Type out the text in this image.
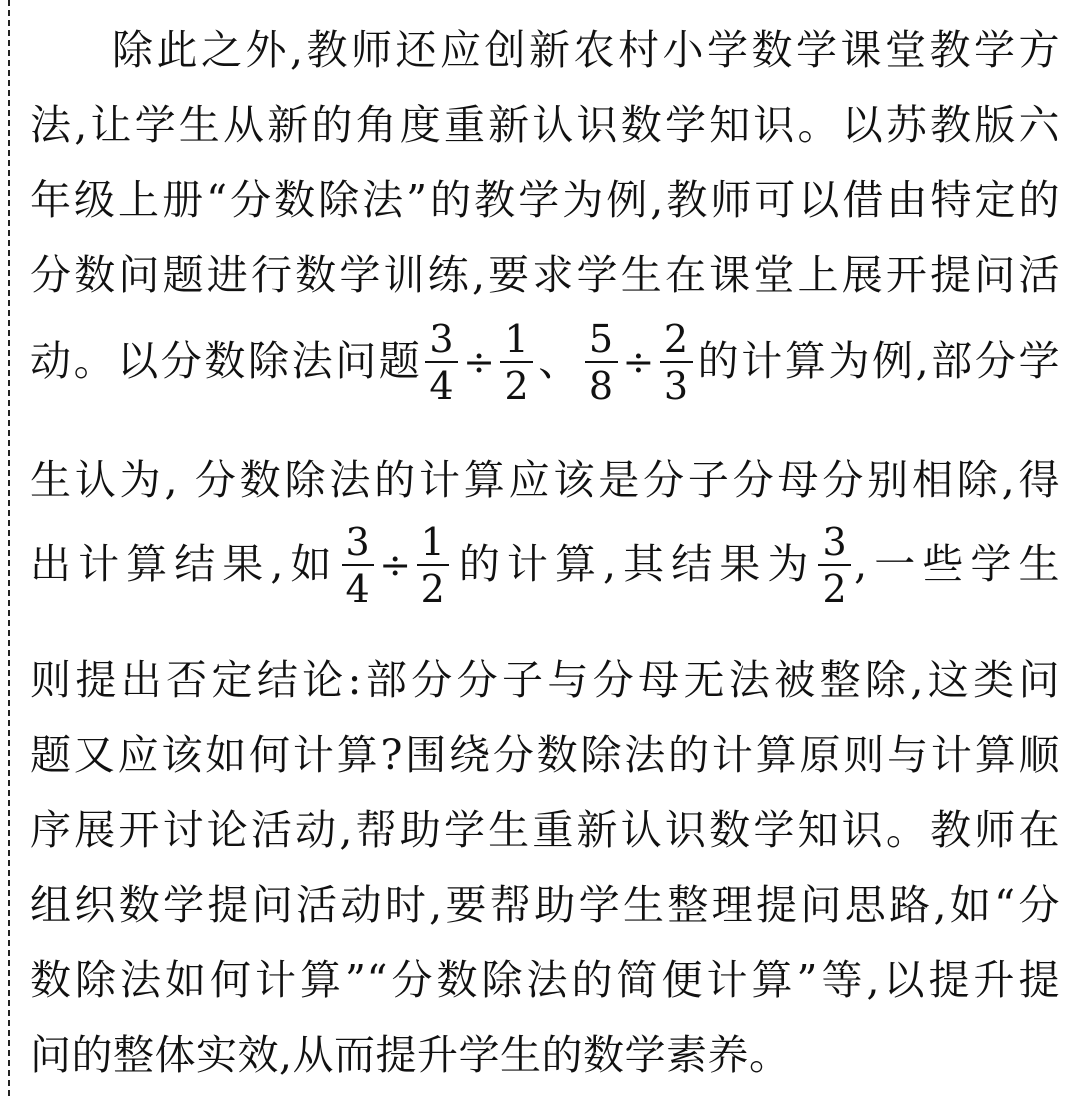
除此之外,教师还应创新农村小学数学课堂教学方
法,让学生从新的角度重新认识数学知识。以苏教版六
年级上册“分数除法”的教学为例,教师可以借由特定的
分数问题进行数学训练,要求学生在课堂上展开提问活
动。以分数除法问题 $\frac{3}{4} \div \frac{1}{2}$ 、 $\frac{5}{8} \div \frac{2}{3}$ 的计算为例,部分学
生认为, 分数除法的计算应该是分子分母分别相除,得
出计算结果,如 $\frac{3}{4} \div \frac{1}{2}$ 的计算,其结果为 $\frac{3}{2}$ ,一些学生
则提出否定结论:部分分子与分母无法被整除,这类问
题又应该如何计算?围绕分数除法的计算原则与计算顺
序展开讨论活动,帮助学生重新认识数学知识。教师在
组织数学提问活动时,要帮助学生整理提问思路,如“分
数除法如何计算”“分数除法的简便计算”等,以提升提
问的整体实效,从而提升学生的数学素养。
